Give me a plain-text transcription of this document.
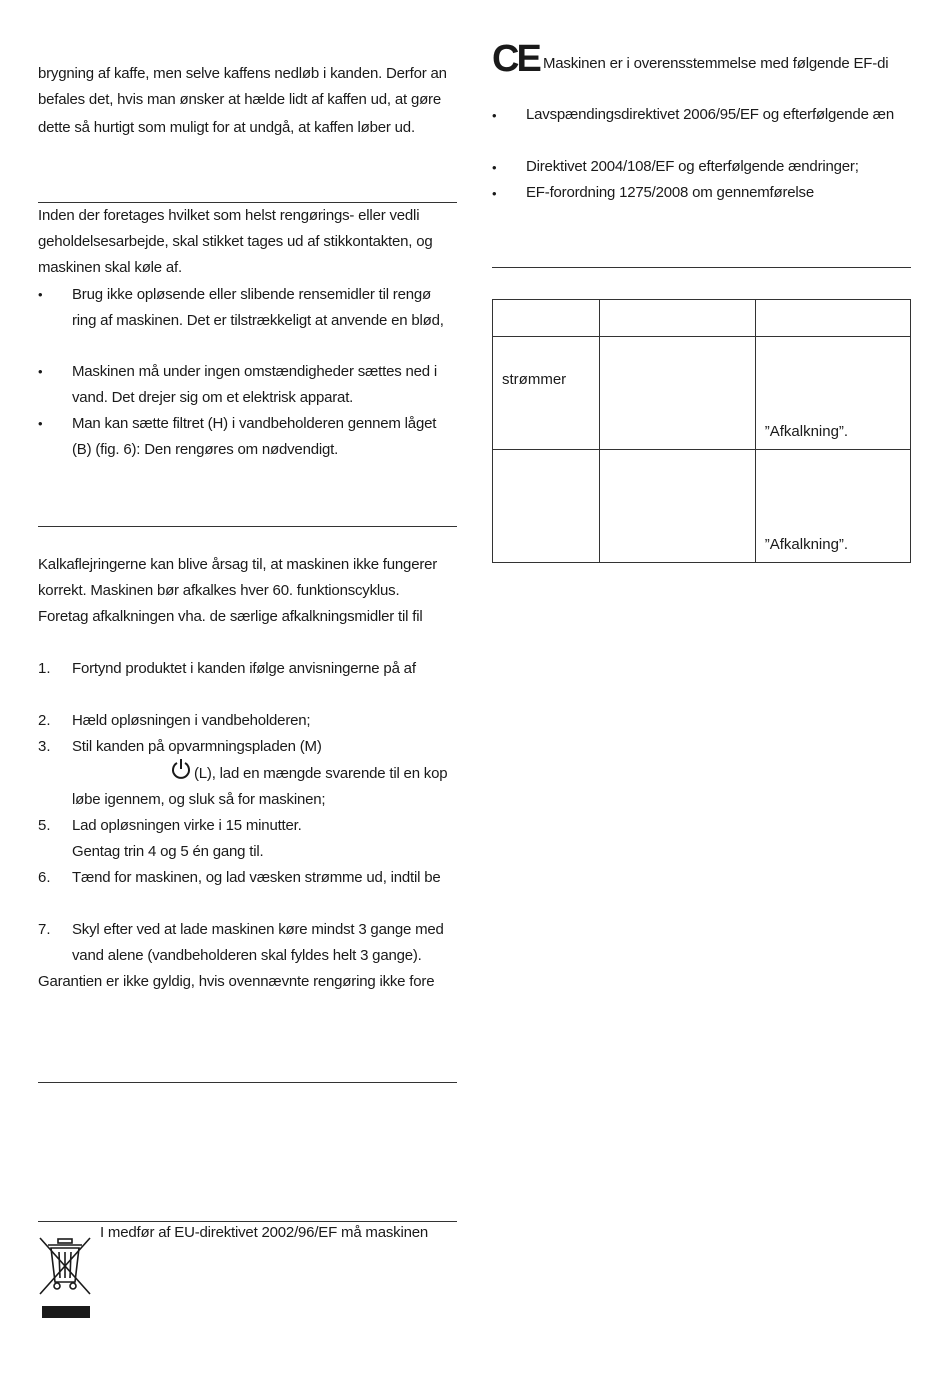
brygning af kaffe, men selve kaffens nedløb i kanden. Derfor an
befales det, hvis man ønsker at hælde lidt af kaffen ud, at gøre
dette så hurtigt som muligt for at undgå, at kaffen løber ud.
Inden der foretages hvilket som helst rengørings- eller vedli
geholdelsesarbejde, skal stikket tages ud af stikkontakten, og
maskinen skal køle af.
• Brug ikke opløsende eller slibende rensemidler til rengø
ring af maskinen. Det er tilstrækkeligt at anvende en blød,
• Maskinen må under ingen omstændigheder sættes ned i
vand. Det drejer sig om et elektrisk apparat.
• Man kan sætte filtret (H) i vandbeholderen gennem låget
(B) (fig. 6): Den rengøres om nødvendigt.
Kalkaflejringerne kan blive årsag til, at maskinen ikke fungerer
korrekt. Maskinen bør afkalkes hver 60. funktionscyklus.
Foretag afkalkningen vha. de særlige afkalkningsmidler til fil
1. Fortynd produktet i kanden ifølge anvisningerne på af
2. Hæld opløsningen i vandbeholderen;
3. Stil kanden på opvarmningspladen (M)
(L), lad en mængde svarende til en kop
løbe igennem, og sluk så for maskinen;
5. Lad opløsningen virke i 15 minutter.
Gentag trin 4 og 5 én gang til.
6. Tænd for maskinen, og lad væsken strømme ud, indtil be
7. Skyl efter ved at lade maskinen køre mindst 3 gange med
vand alene (vandbeholderen skal fyldes helt 3 gange).
Garantien er ikke gyldig, hvis ovennævnte rengøring ikke fore
I medfør af EU-direktivet 2002/96/EF må maskinen
CE Maskinen er i overensstemmelse med følgende EF-di
• Lavspændingsdirektivet 2006/95/EF og efterfølgende æn
• Direktivet 2004/108/EF og efterfølgende ændringer;
• EF-forordning 1275/2008 om gennemførelse

strømmer		”Afkalkning”.

		”Afkalkning”.
